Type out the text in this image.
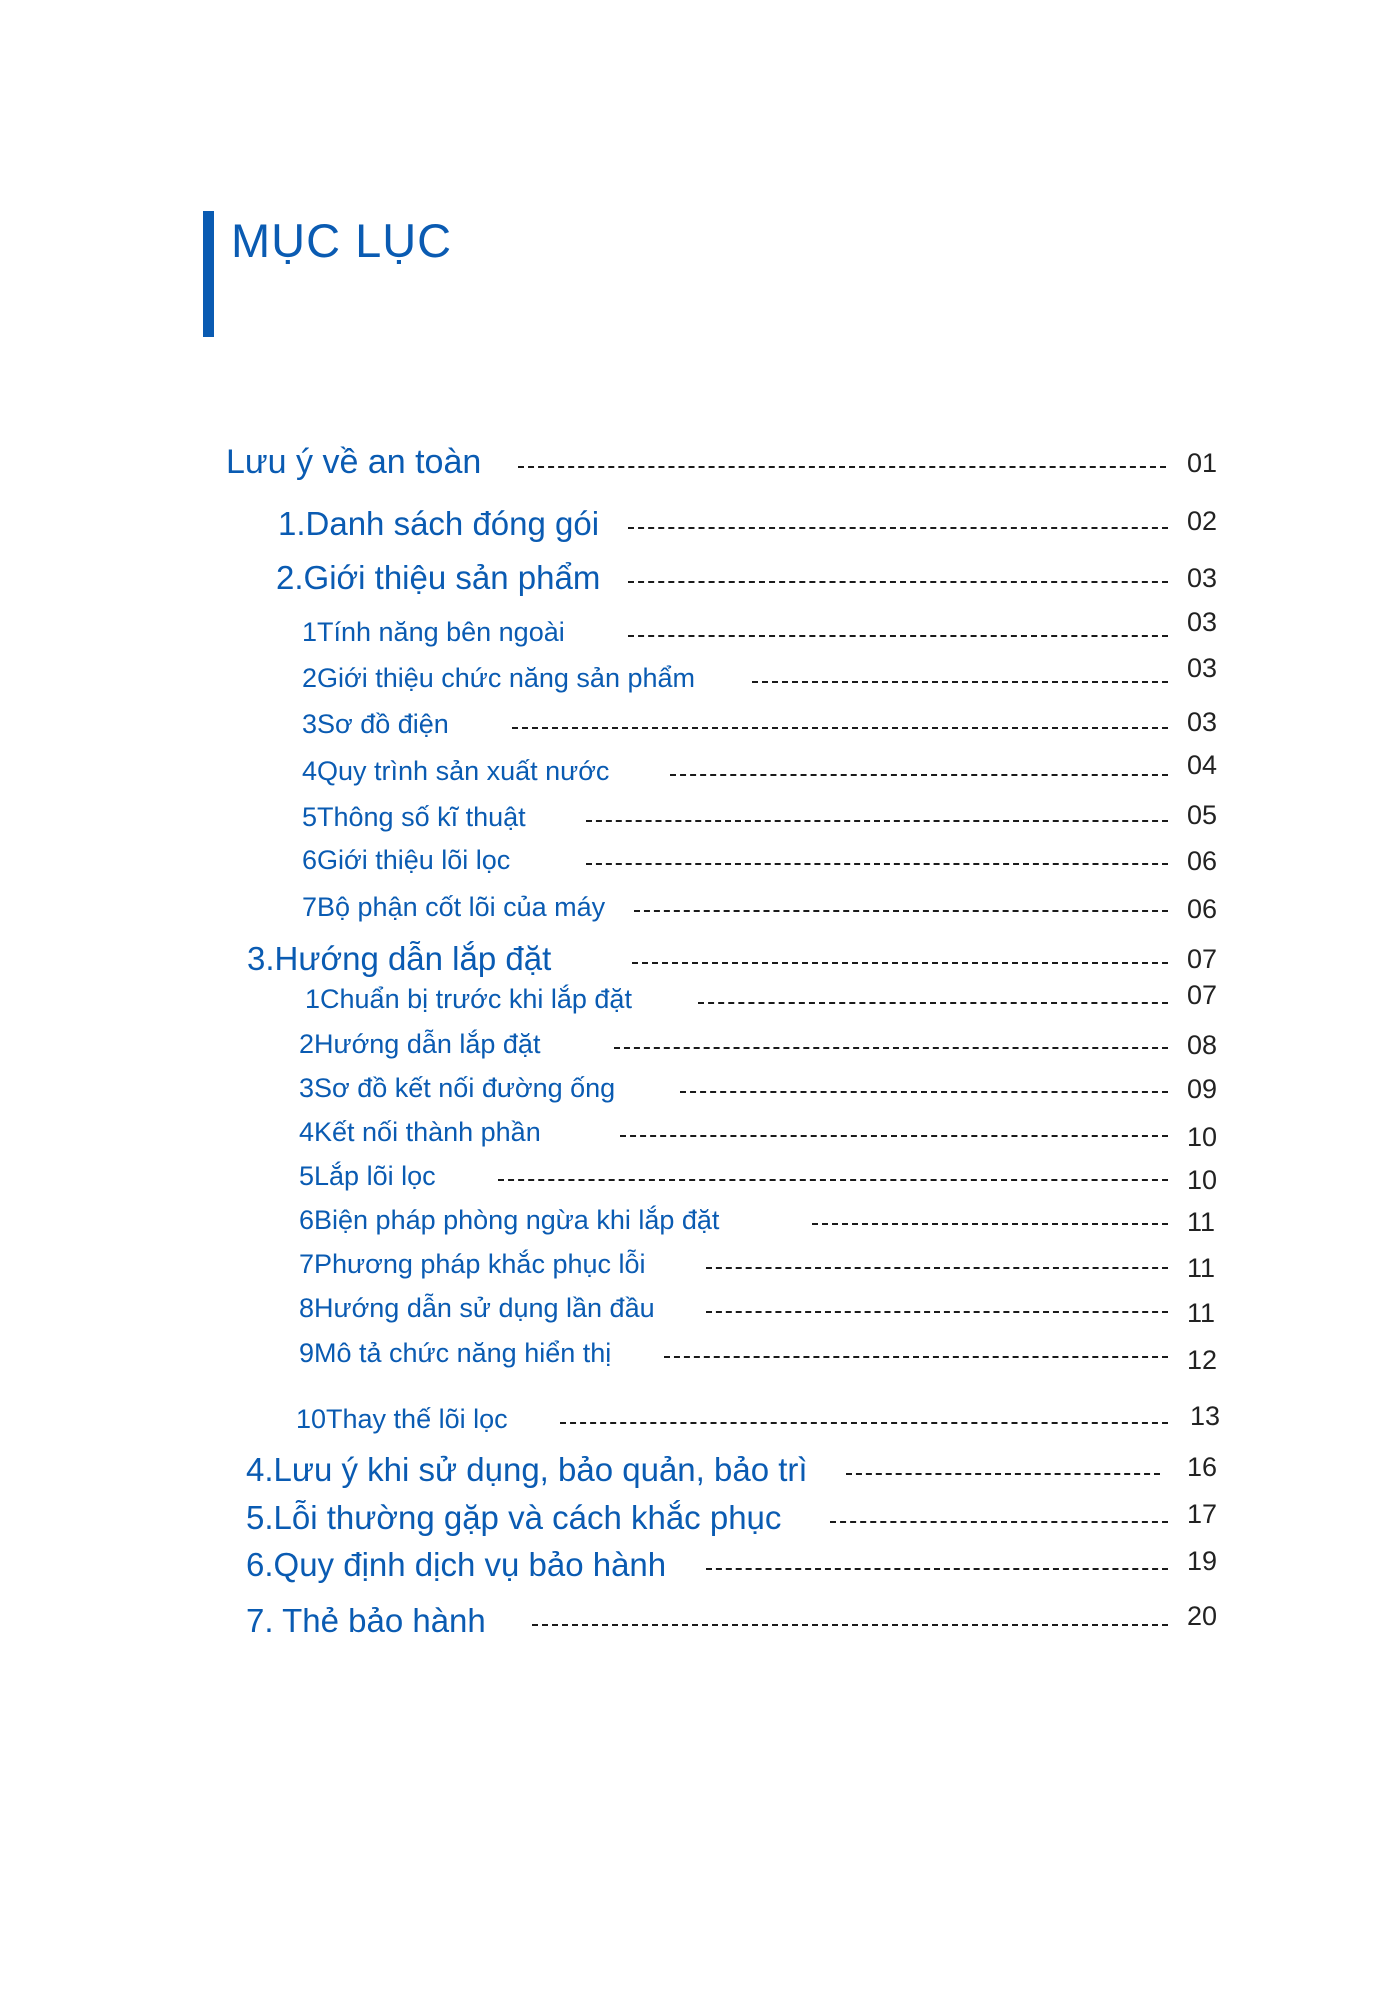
MỤC LỤC
Lưu ý về an toàn	01
1.Danh sách đóng gói	02
2.Giới thiệu sản phẩm	03
1Tính năng bên ngoài	03
2Giới thiệu chức năng sản phẩm	03
3Sơ đồ điện	03
4Quy trình sản xuất nước	04
5Thông số kĩ thuật	05
6Giới thiệu lõi lọc	06
7Bộ phận cốt lõi của máy	06
3.Hướng dẫn lắp đặt	07
1Chuẩn bị trước khi lắp đặt	07
2Hướng dẫn lắp đặt	08
3Sơ đồ kết nối đường ống	09
4Kết nối thành phần	10
5Lắp lõi lọc	10
6Biện pháp phòng ngừa khi lắp đặt	11
7Phương pháp khắc phục lỗi	11
8Hướng dẫn sử dụng lần đầu	11
9Mô tả chức năng hiển thị	12
10Thay thế lõi lọc	13
4.Lưu ý khi sử dụng, bảo quản, bảo trì	16
5.Lỗi thường gặp và cách khắc phục	17
6.Quy định dịch vụ bảo hành	19
7. Thẻ bảo hành	20
